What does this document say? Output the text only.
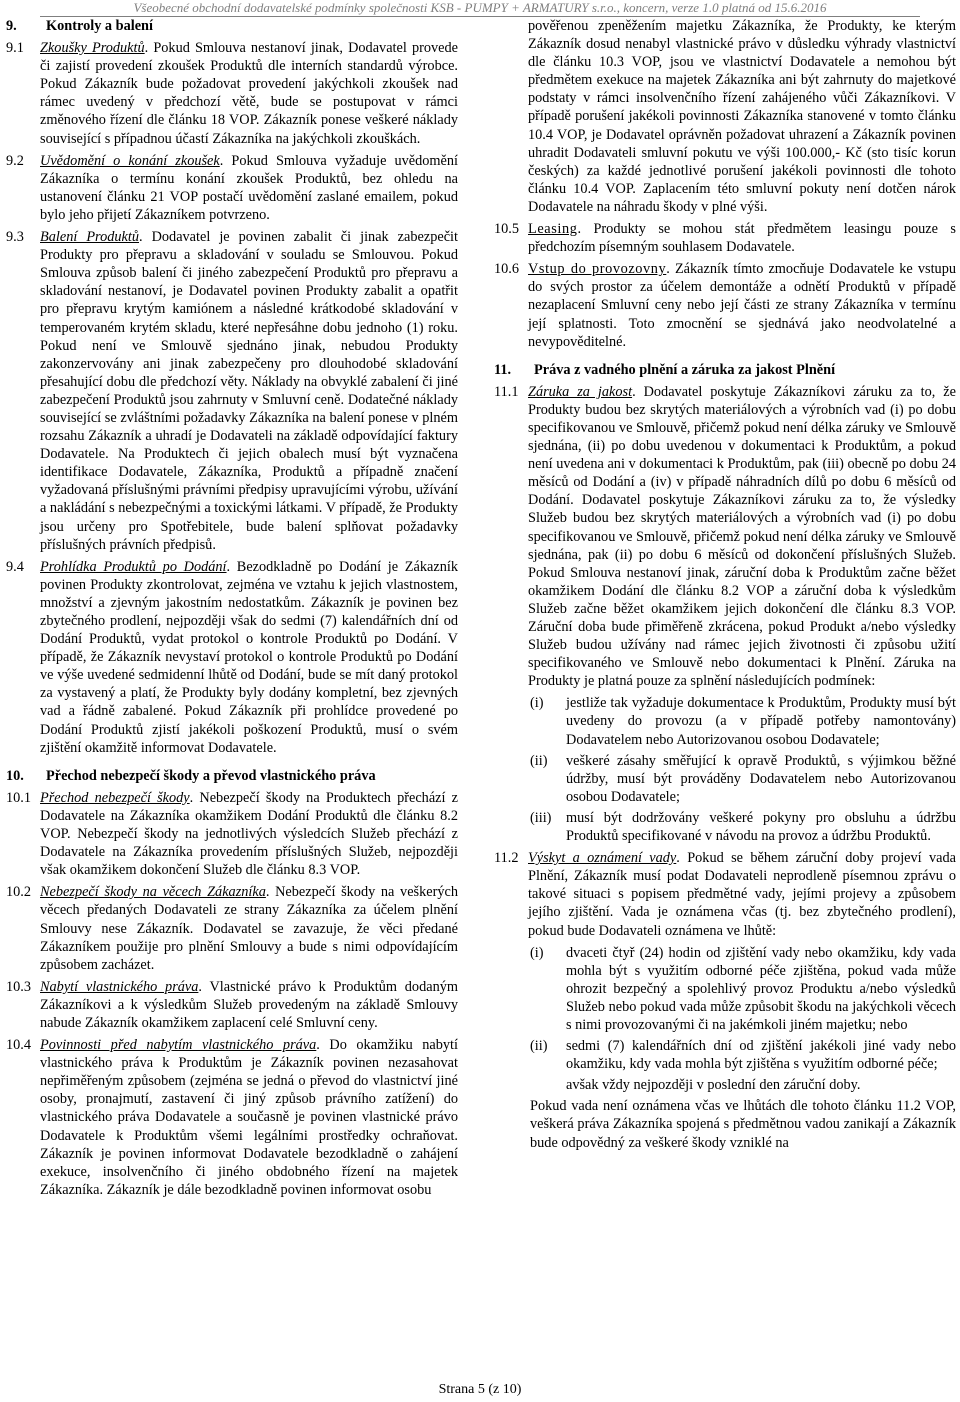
Všeobecné obchodní dodavatelské podmínky společnosti KSB - PUMPY + ARMATURY s.r.o., koncern, verze 1.0 platná od 15.6.2016
9.	Kontroly a balení
9.1	Zkoušky Produktů. Pokud Smlouva nestanoví jinak, Dodavatel provede či zajistí provedení zkoušek Produktů dle interních standardů výrobce. Pokud Zákazník bude požadovat provedení jakýchkoli zkoušek nad rámec uvedený v předchozí větě, bude se postupovat v rámci změnového řízení dle článku 18 VOP. Zákazník ponese veškeré náklady související s případnou účastí Zákazníka na jakýchkoli zkouškách.
9.2	Uvědomění o konání zkoušek. Pokud Smlouva vyžaduje uvědomění Zákazníka o termínu konání zkoušek Produktů, bez ohledu na ustanovení článku 21 VOP postačí uvědomění zaslané emailem, pokud bylo jeho přijetí Zákazníkem potvrzeno.
9.3	Balení Produktů. Dodavatel je povinen zabalit či jinak zabezpečit Produkty pro přepravu a skladování v souladu se Smlouvou. Pokud Smlouva způsob balení či jiného zabezpečení Produktů pro přepravu a skladování nestanoví, je Dodavatel povinen Produkty zabalit a opatřit pro přepravu krytým kamiónem a následné krátkodobé skladování v temperovaném krytém skladu, které nepřesáhne dobu jednoho (1) roku. Pokud není ve Smlouvě sjednáno jinak, nebudou Produkty zakonzervovány ani jinak zabezpečeny pro dlouhodobé skladování přesahující dobu dle předchozí věty. Náklady na obvyklé zabalení či jiné zabezpečení Produktů jsou zahrnuty v Smluvní ceně. Dodatečné náklady související se zvláštními požadavky Zákazníka na balení ponese v plném rozsahu Zákazník a uhradí je Dodavateli na základě odpovídající faktury Dodavatele. Na Produktech či jejich obalech musí být vyznačena identifikace Dodavatele, Zákazníka, Produktů a případně značení vyžadovaná příslušnými právními předpisy upravujícími výrobu, užívání a nakládání s nebezpečnými a toxickými látkami. V případě, že Produkty jsou určeny pro Spotřebitele, bude balení splňovat požadavky příslušných právních předpisů.
9.4	Prohlídka Produktů po Dodání. Bezodkladně po Dodání je Zákazník povinen Produkty zkontrolovat, zejména ve vztahu k jejich vlastnostem, množství a zjevným jakostním nedostatkům. Zákazník je povinen bez zbytečného prodlení, nejpozději však do sedmi (7) kalendářních dní od Dodání Produktů, vydat protokol o kontrole Produktů po Dodání. V případě, že Zákazník nevystaví protokol o kontrole Produktů po Dodání ve výše uvedené sedmidenní lhůtě od Dodání, bude se mít daný protokol za vystavený a platí, že Produkty byly dodány kompletní, bez zjevných vad a řádně zabalené. Pokud Zákazník při prohlídce provedené po Dodání Produktů zjistí jakékoli poškození Produktů, musí o svém zjištění okamžitě informovat Dodavatele.
10.	Přechod nebezpečí škody a převod vlastnického práva
10.1 Přechod nebezpečí škody. Nebezpečí škody na Produktech přechází z Dodavatele na Zákazníka okamžikem Dodání Produktů dle článku 8.2 VOP. Nebezpečí škody na jednotlivých výsledcích Služeb přechází z Dodavatele na Zákazníka provedením příslušných Služeb, nejpozději však okamžikem dokončení Služeb dle článku 8.3 VOP.
10.2 Nebezpečí škody na věcech Zákazníka. Nebezpečí škody na veškerých věcech předaných Dodavateli ze strany Zákazníka za účelem plnění Smlouvy nese Zákazník. Dodavatel se zavazuje, že věci předané Zákazníkem použije pro plnění Smlouvy a bude s nimi odpovídajícím způsobem zacházet.
10.3 Nabytí vlastnického práva. Vlastnické právo k Produktům dodaným Zákazníkovi a k výsledkům Služeb provedeným na základě Smlouvy nabude Zákazník okamžikem zaplacení celé Smluvní ceny.
10.4 Povinnosti před nabytím vlastnického práva. Do okamžiku nabytí vlastnického práva k Produktům je Zákazník povinen nezasahovat nepřiměřeným způsobem (zejména se jedná o převod do vlastnictví jiné osoby, pronajmutí, zastavení či jiný způsob právního zatížení) do vlastnického práva Dodavatele a současně je povinen vlastnické právo Dodavatele k Produktům všemi legálními prostředky ochraňovat. Zákazník je povinen informovat Dodavatele bezodkladně o zahájení exekuce, insolvenčního či jiného obdobného řízení na majetek Zákazníka. Zákazník je dále bezodkladně povinen informovat osobu
pověřenou zpeněžením majetku Zákazníka, že Produkty, ke kterým Zákazník dosud nenabyl vlastnické právo v důsledku výhrady vlastnictví dle článku 10.3 VOP, jsou ve vlastnictví Dodavatele a nemohou být předmětem exekuce na majetek Zákazníka ani být zahrnuty do majetkové podstaty v rámci insolvenčního řízení zahájeného vůči Zákazníkovi. V případě porušení jakékoli povinnosti Zákazníka stanovené v tomto článku 10.4 VOP, je Dodavatel oprávněn požadovat uhrazení a Zákazník povinen uhradit Dodavateli smluvní pokutu ve výši 100.000,- Kč (sto tisíc korun českých) za každé jednotlivé porušení jakékoli povinnosti dle tohoto článku 10.4 VOP. Zaplacením této smluvní pokuty není dotčen nárok Dodavatele na náhradu škody v plné výši.
10.5 Leasing. Produkty se mohou stát předmětem leasingu pouze s předchozím písemným souhlasem Dodavatele.
10.6 Vstup do provozovny. Zákazník tímto zmocňuje Dodavatele ke vstupu do svých prostor za účelem demontáže a odnětí Produktů v případě nezaplacení Smluvní ceny nebo její části ze strany Zákazníka v termínu její splatnosti. Toto zmocnění se sjednává jako neodvolatelné a nevypověditelné.
11.	Práva z vadného plnění a záruka za jakost Plnění
11.1 Záruka za jakost. Dodavatel poskytuje Zákazníkovi záruku za to, že Produkty budou bez skrytých materiálových a výrobních vad (i) po dobu specifikovanou ve Smlouvě, přičemž pokud není délka záruky ve Smlouvě sjednána, (ii) po dobu uvedenou v dokumentaci k Produktům, a pokud není uvedena ani v dokumentaci k Produktům, pak (iii) obecně po dobu 24 měsíců od Dodání a (iv) v případě náhradních dílů po dobu 6 měsíců od Dodání. Dodavatel poskytuje Zákazníkovi záruku za to, že výsledky Služeb budou bez skrytých materiálových a výrobních vad (i) po dobu specifikovanou ve Smlouvě, přičemž pokud není délka záruky ve Smlouvě sjednána, pak (ii) po dobu 6 měsíců od dokončení příslušných Služeb. Pokud Smlouva nestanoví jinak, záruční doba k Produktům začne běžet okamžikem Dodání dle článku 8.2 VOP a záruční doba k výsledkům Služeb začne běžet okamžikem jejich dokončení dle článku 8.3 VOP. Záruční doba bude přiměřeně zkrácena, pokud Produkt a/nebo výsledky Služeb budou užívány nad rámec jejich životnosti či způsobu užití specifikovaného ve Smlouvě nebo dokumentaci k Plnění. Záruka na Produkty je platná pouze za splnění následujících podmínek:
(i)	jestliže tak vyžaduje dokumentace k Produktům, Produkty musí být uvedeny do provozu (a v případě potřeby namontovány) Dodavatelem nebo Autorizovanou osobou Dodavatele;
(ii)	veškeré zásahy směřující k opravě Produktů, s výjimkou běžné údržby, musí být prováděny Dodavatelem nebo Autorizovanou osobou Dodavatele;
(iii)	musí být dodržovány veškeré pokyny pro obsluhu a údržbu Produktů specifikované v návodu na provoz a údržbu Produktů.
11.2 Výskyt a oznámení vady. Pokud se během záruční doby projeví vada Plnění, Zákazník musí podat Dodavateli neprodleně písemnou zprávu o takové situaci s popisem předmětné vady, jejími projevy a způsobem jejího zjištění. Vada je oznámena včas (tj. bez zbytečného prodlení), pokud bude Dodavateli oznámena ve lhůtě:
(i)	dvaceti čtyř (24) hodin od zjištění vady nebo okamžiku, kdy vada mohla být s využitím odborné péče zjištěna, pokud vada může ohrozit bezpečný a spolehlivý provoz Produktu a/nebo výsledků Služeb nebo pokud vada může způsobit škodu na jakýchkoli věcech s nimi provozovanými či na jakémkoli jiném majetku; nebo
(ii)	sedmi (7) kalendářních dní od zjištění jakékoli jiné vady nebo okamžiku, kdy vada mohla být zjištěna s využitím odborné péče;
avšak vždy nejpozději v poslední den záruční doby.
Pokud vada není oznámena včas ve lhůtách dle tohoto článku 11.2 VOP, veškerá práva Zákazníka spojená s předmětnou vadou zanikají a Zákazník bude odpovědný za veškeré škody vzniklé na
Strana 5 (z 10)
